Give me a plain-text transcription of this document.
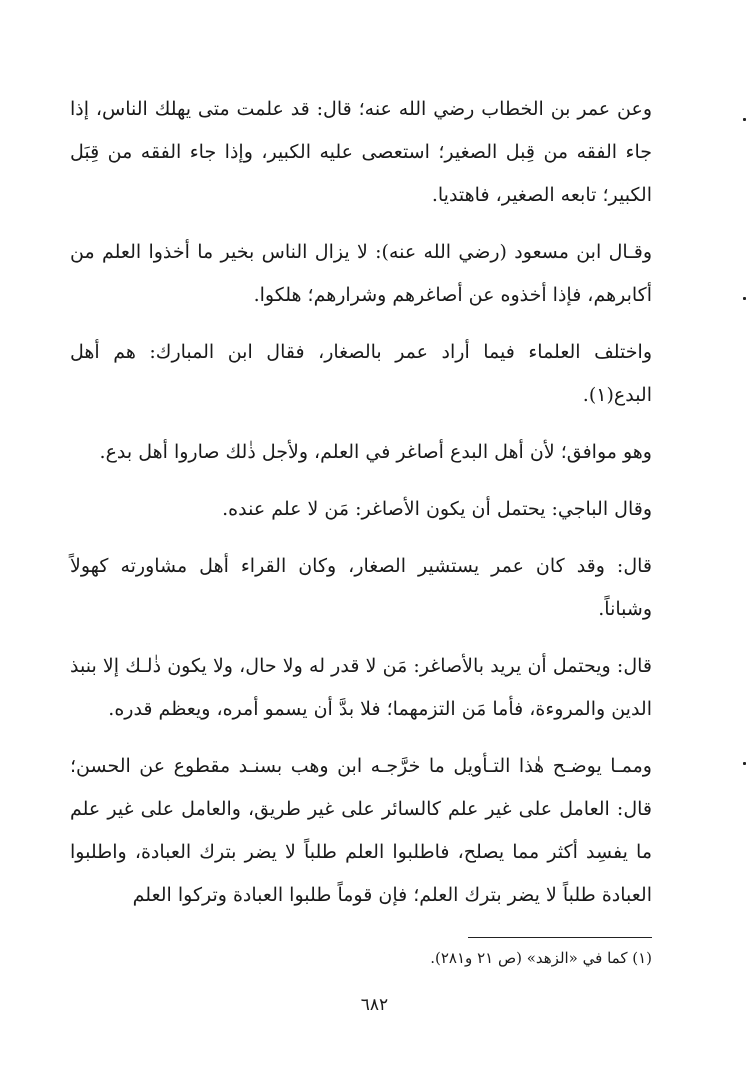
وعن عمر بن الخطاب رضي الله عنه؛ قال: قد علمت متى يهلك الناس، إذا جاء الفقه من قِبل الصغير؛ استعصى عليه الكبير، وإذا جاء الفقه من قِبَل الكبير؛ تابعه الصغير، فاهتديا.

وقـال ابن مسعود (رضي الله عنه): لا يزال الناس بخير ما أخذوا العلم من أكابرهم، فإذا أخذوه عن أصاغرهم وشرارهم؛ هلكوا.

واختلف العلماء فيما أراد عمر بالصغار، فقال ابن المبارك: هم أهل البدع(١).

وهو موافق؛ لأن أهل البدع أصاغر في العلم، ولأجل ذٰلك صاروا أهل بدع.

وقال الباجي: يحتمل أن يكون الأصاغر: مَن لا علم عنده.

قال: وقد كان عمر يستشير الصغار، وكان القراء أهل مشاورته كهولاً وشباناً.

قال: ويحتمل أن يريد بالأصاغر: مَن لا قدر له ولا حال، ولا يكون ذٰلـك إلا بنبذ الدين والمروءة، فأما مَن التزمهما؛ فلا بدَّ أن يسمو أمره، ويعظم قدره.

وممـا يوضـح هٰذا التـأويل ما خرَّجـه ابن وهب بسنـد مقطوع عن الحسن؛ قال: العامل على غير علم كالسائر على غير طريق، والعامل على غير علم ما يفسِد أكثر مما يصلح، فاطلبوا العلم طلباً لا يضر بترك العبادة، واطلبوا العبادة طلباً لا يضر بترك العلم؛ فإن قوماً طلبوا العبادة وتركوا العلم

(١) كما في «الزهد» (ص ٢١ و٢٨١).
٦٨٢
